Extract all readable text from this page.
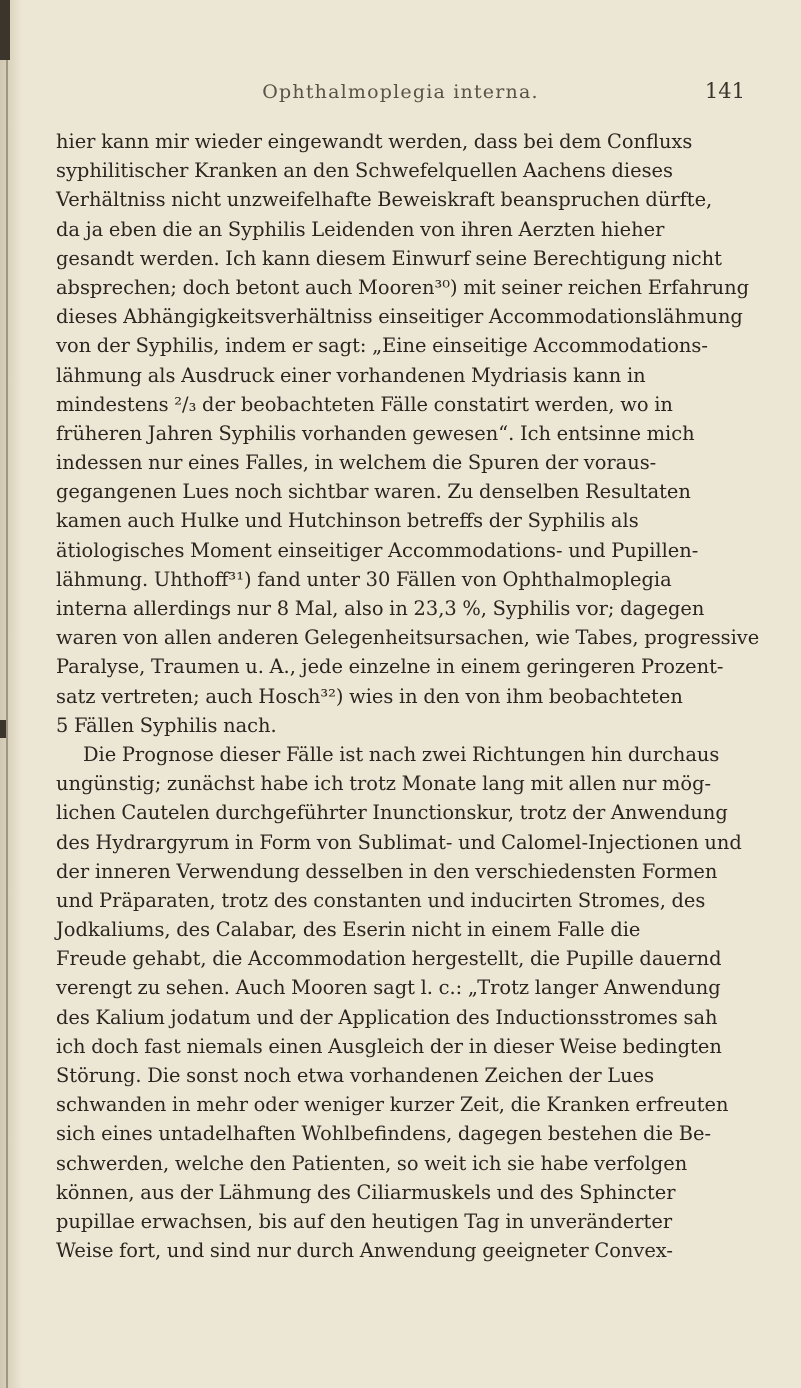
Ophthalmoplegia interna.	141
hier kann mir wieder eingewandt werden, dass bei dem Confluxs
syphilitischer Kranken an den Schwefelquellen Aachens dieses
Verhältniss nicht unzweifelhafte Beweiskraft beanspruchen dürfte,
da ja eben die an Syphilis Leidenden von ihren Aerzten hieher
gesandt werden. Ich kann diesem Einwurf seine Berechtigung nicht
absprechen; doch betont auch Mooren³⁰) mit seiner reichen Erfahrung
dieses Abhängigkeitsverhältniss einseitiger Accommodationslähmung
von der Syphilis, indem er sagt: „Eine einseitige Accommodations-
lähmung als Ausdruck einer vorhandenen Mydriasis kann in
mindestens ²/₃ der beobachteten Fälle constatirt werden, wo in
früheren Jahren Syphilis vorhanden gewesen“. Ich entsinne mich
indessen nur eines Falles, in welchem die Spuren der voraus-
gegangenen Lues noch sichtbar waren. Zu denselben Resultaten
kamen auch Hulke und Hutchinson betreffs der Syphilis als
ätiologisches Moment einseitiger Accommodations- und Pupillen-
lähmung. Uhthoff³¹) fand unter 30 Fällen von Ophthalmoplegia
interna allerdings nur 8 Mal, also in 23,3 %, Syphilis vor; dagegen
waren von allen anderen Gelegenheitsursachen, wie Tabes, progressive
Paralyse, Traumen u. A., jede einzelne in einem geringeren Prozent-
satz vertreten; auch Hosch³²) wies in den von ihm beobachteten
5 Fällen Syphilis nach.
Die Prognose dieser Fälle ist nach zwei Richtungen hin durchaus
ungünstig; zunächst habe ich trotz Monate lang mit allen nur mög-
lichen Cautelen durchgeführter Inunctionskur, trotz der Anwendung
des Hydrargyrum in Form von Sublimat- und Calomel-Injectionen und
der inneren Verwendung desselben in den verschiedensten Formen
und Präparaten, trotz des constanten und inducirten Stromes, des
Jodkaliums, des Calabar, des Eserin nicht in einem Falle die
Freude gehabt, die Accommodation hergestellt, die Pupille dauernd
verengt zu sehen. Auch Mooren sagt l. c.: „Trotz langer Anwendung
des Kalium jodatum und der Application des Inductionsstromes sah
ich doch fast niemals einen Ausgleich der in dieser Weise bedingten
Störung. Die sonst noch etwa vorhandenen Zeichen der Lues
schwanden in mehr oder weniger kurzer Zeit, die Kranken erfreuten
sich eines untadelhaften Wohlbefindens, dagegen bestehen die Be-
schwerden, welche den Patienten, so weit ich sie habe verfolgen
können, aus der Lähmung des Ciliarmuskels und des Sphincter
pupillae erwachsen, bis auf den heutigen Tag in unveränderter
Weise fort, und sind nur durch Anwendung geeigneter Convex-
